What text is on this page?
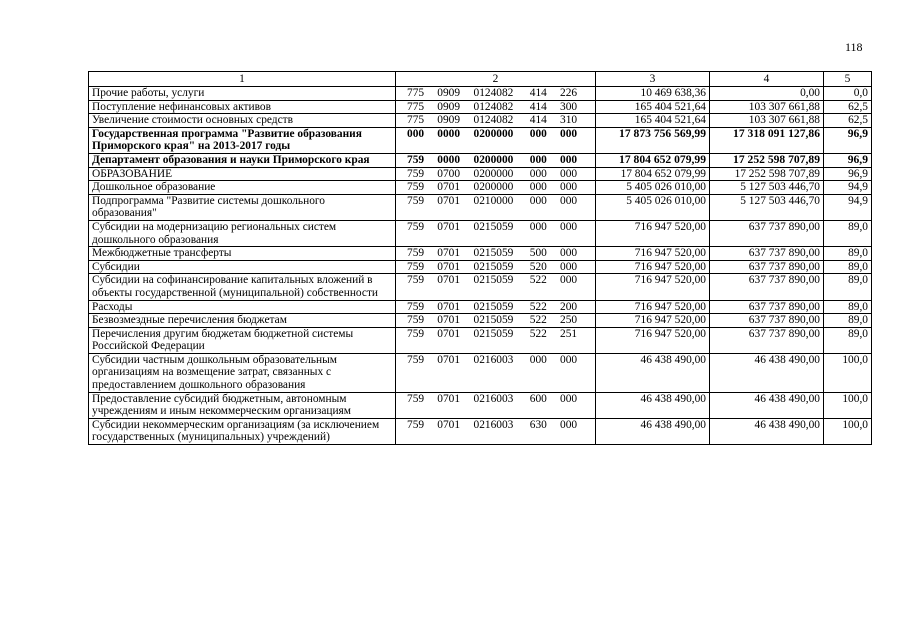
118
1	2	3	4	5
Прочие работы, услуги	775 0909 0124082 414 226	10 469 638,36	0,00	0,0
Поступление нефинансовых активов	775 0909 0124082 414 300	165 404 521,64	103 307 661,88	62,5
Увеличение стоимости основных средств	775 0909 0124082 414 310	165 404 521,64	103 307 661,88	62,5
Государственная программа "Развитие образования Приморского края" на 2013-2017 годы	000 0000 0200000 000 000	17 873 756 569,99	17 318 091 127,86	96,9
Департамент образования и науки Приморского края	759 0000 0200000 000 000	17 804 652 079,99	17 252 598 707,89	96,9
ОБРАЗОВАНИЕ	759 0700 0200000 000 000	17 804 652 079,99	17 252 598 707,89	96,9
Дошкольное образование	759 0701 0200000 000 000	5 405 026 010,00	5 127 503 446,70	94,9
Подпрограмма "Развитие системы дошкольного образования"	759 0701 0210000 000 000	5 405 026 010,00	5 127 503 446,70	94,9
Субсидии на модернизацию региональных систем дошкольного образования	759 0701 0215059 000 000	716 947 520,00	637 737 890,00	89,0
Межбюджетные трансферты	759 0701 0215059 500 000	716 947 520,00	637 737 890,00	89,0
Субсидии	759 0701 0215059 520 000	716 947 520,00	637 737 890,00	89,0
Субсидии на софинансирование капитальных вложений в объекты государственной (муниципальной) собственности	759 0701 0215059 522 000	716 947 520,00	637 737 890,00	89,0
Расходы	759 0701 0215059 522 200	716 947 520,00	637 737 890,00	89,0
Безвозмездные перечисления бюджетам	759 0701 0215059 522 250	716 947 520,00	637 737 890,00	89,0
Перечисления другим бюджетам бюджетной системы Российской Федерации	759 0701 0215059 522 251	716 947 520,00	637 737 890,00	89,0
Субсидии частным дошкольным образовательным организациям на возмещение затрат, связанных с предоставлением дошкольного образования	759 0701 0216003 000 000	46 438 490,00	46 438 490,00	100,0
Предоставление субсидий бюджетным, автономным учреждениям и иным некоммерческим организациям	759 0701 0216003 600 000	46 438 490,00	46 438 490,00	100,0
Субсидии некоммерческим организациям (за исключением государственных (муниципальных) учреждений)	759 0701 0216003 630 000	46 438 490,00	46 438 490,00	100,0
